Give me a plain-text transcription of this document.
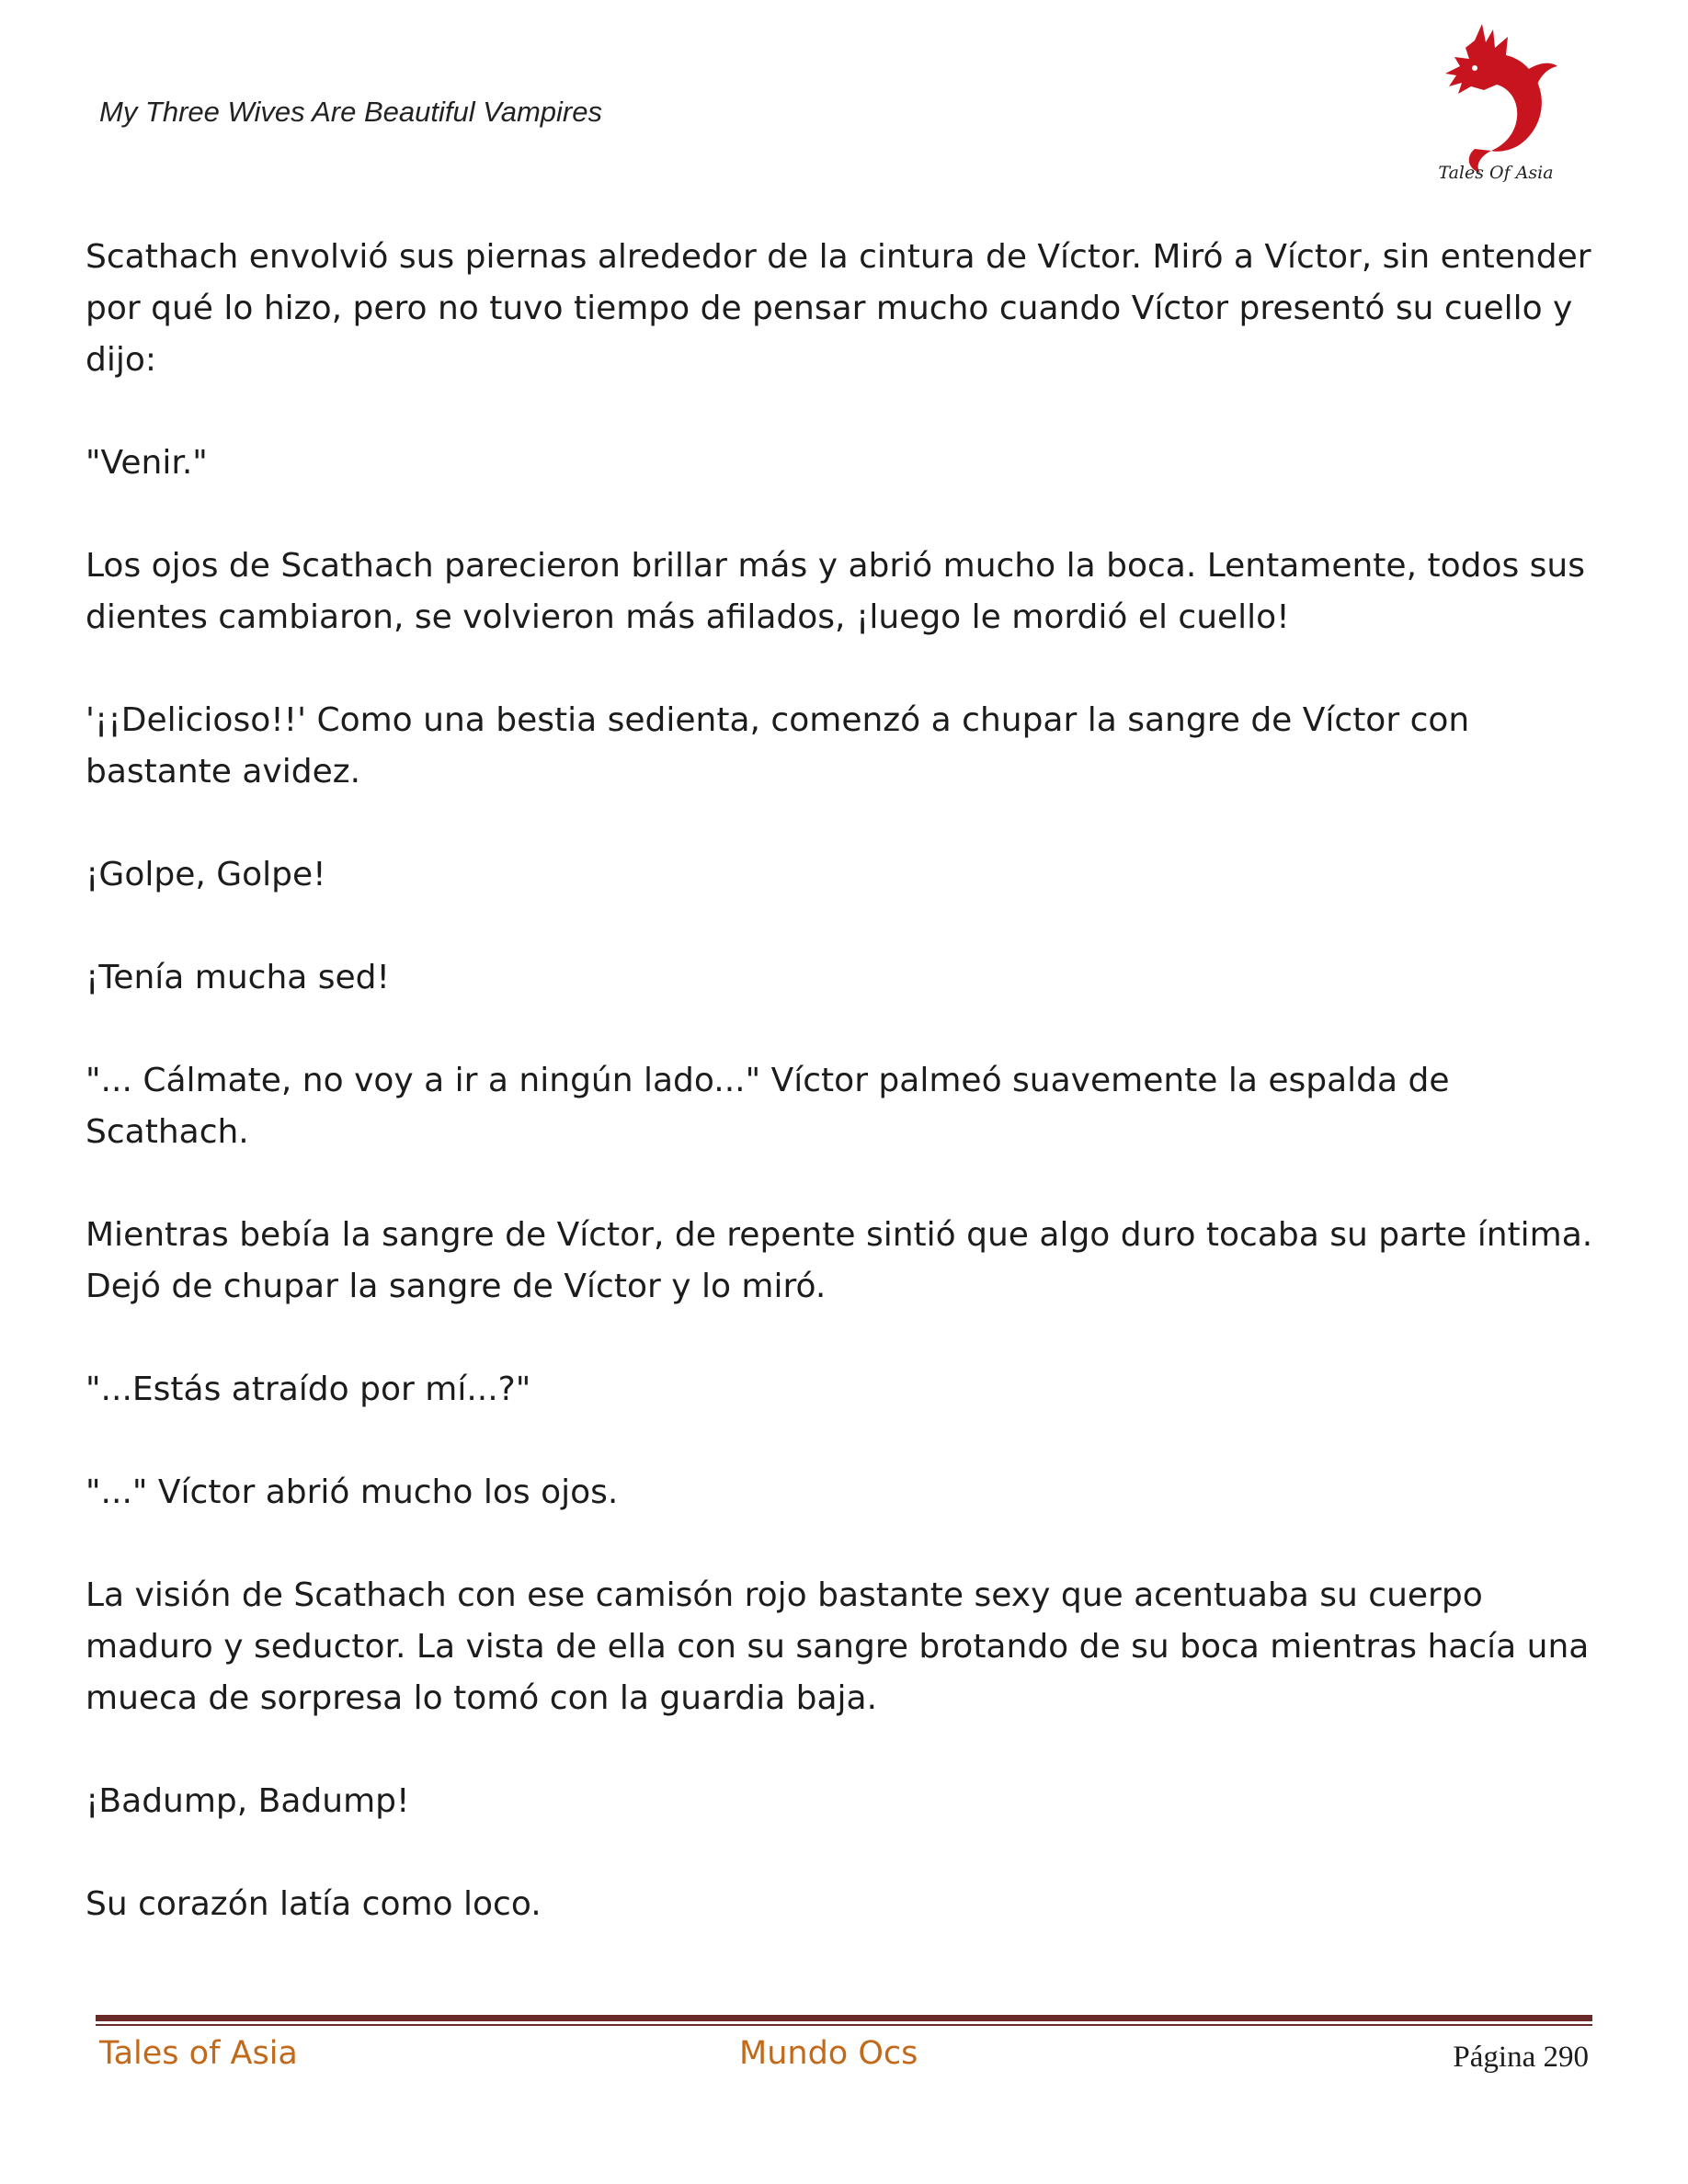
My Three Wives Are Beautiful Vampires
Tales Of Asia

Scathach envolvió sus piernas alrededor de la cintura de Víctor. Miró a Víctor, sin entender por qué lo hizo, pero no tuvo tiempo de pensar mucho cuando Víctor presentó su cuello y dijo:

"Venir."

Los ojos de Scathach parecieron brillar más y abrió mucho la boca. Lentamente, todos sus dientes cambiaron, se volvieron más afilados, ¡luego le mordió el cuello!

'¡¡Delicioso!!' Como una bestia sedienta, comenzó a chupar la sangre de Víctor con bastante avidez.

¡Golpe, Golpe!

¡Tenía mucha sed!

"... Cálmate, no voy a ir a ningún lado..." Víctor palmeó suavemente la espalda de Scathach.

Mientras bebía la sangre de Víctor, de repente sintió que algo duro tocaba su parte íntima. Dejó de chupar la sangre de Víctor y lo miró.

"...Estás atraído por mí...?"

"..." Víctor abrió mucho los ojos.

La visión de Scathach con ese camisón rojo bastante sexy que acentuaba su cuerpo maduro y seductor. La vista de ella con su sangre brotando de su boca mientras hacía una mueca de sorpresa lo tomó con la guardia baja.

¡Badump, Badump!

Su corazón latía como loco.

Tales of Asia	Mundo Ocs	Página 290
